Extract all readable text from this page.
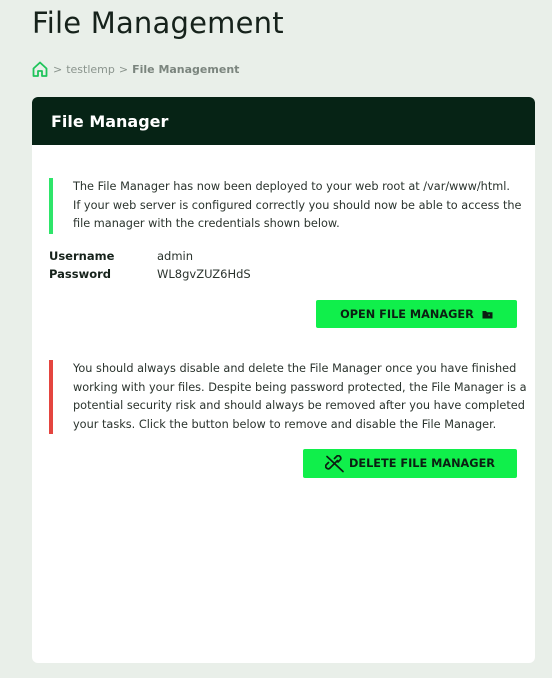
File Management
> testlemp > File Management
File Manager

The File Manager has now been deployed to your web root at /var/www/html.

If your web server is configured correctly you should now be able to access the

file manager with the credentials shown below.

Username	admin
Password	WL8gvZUZ6HdS
OPEN FILE MANAGER

You should always disable and delete the File Manager once you have finished

working with your files. Despite being password protected, the File Manager is a

potential security risk and should always be removed after you have completed

your tasks. Click the button below to remove and disable the File Manager.

DELETE FILE MANAGER
